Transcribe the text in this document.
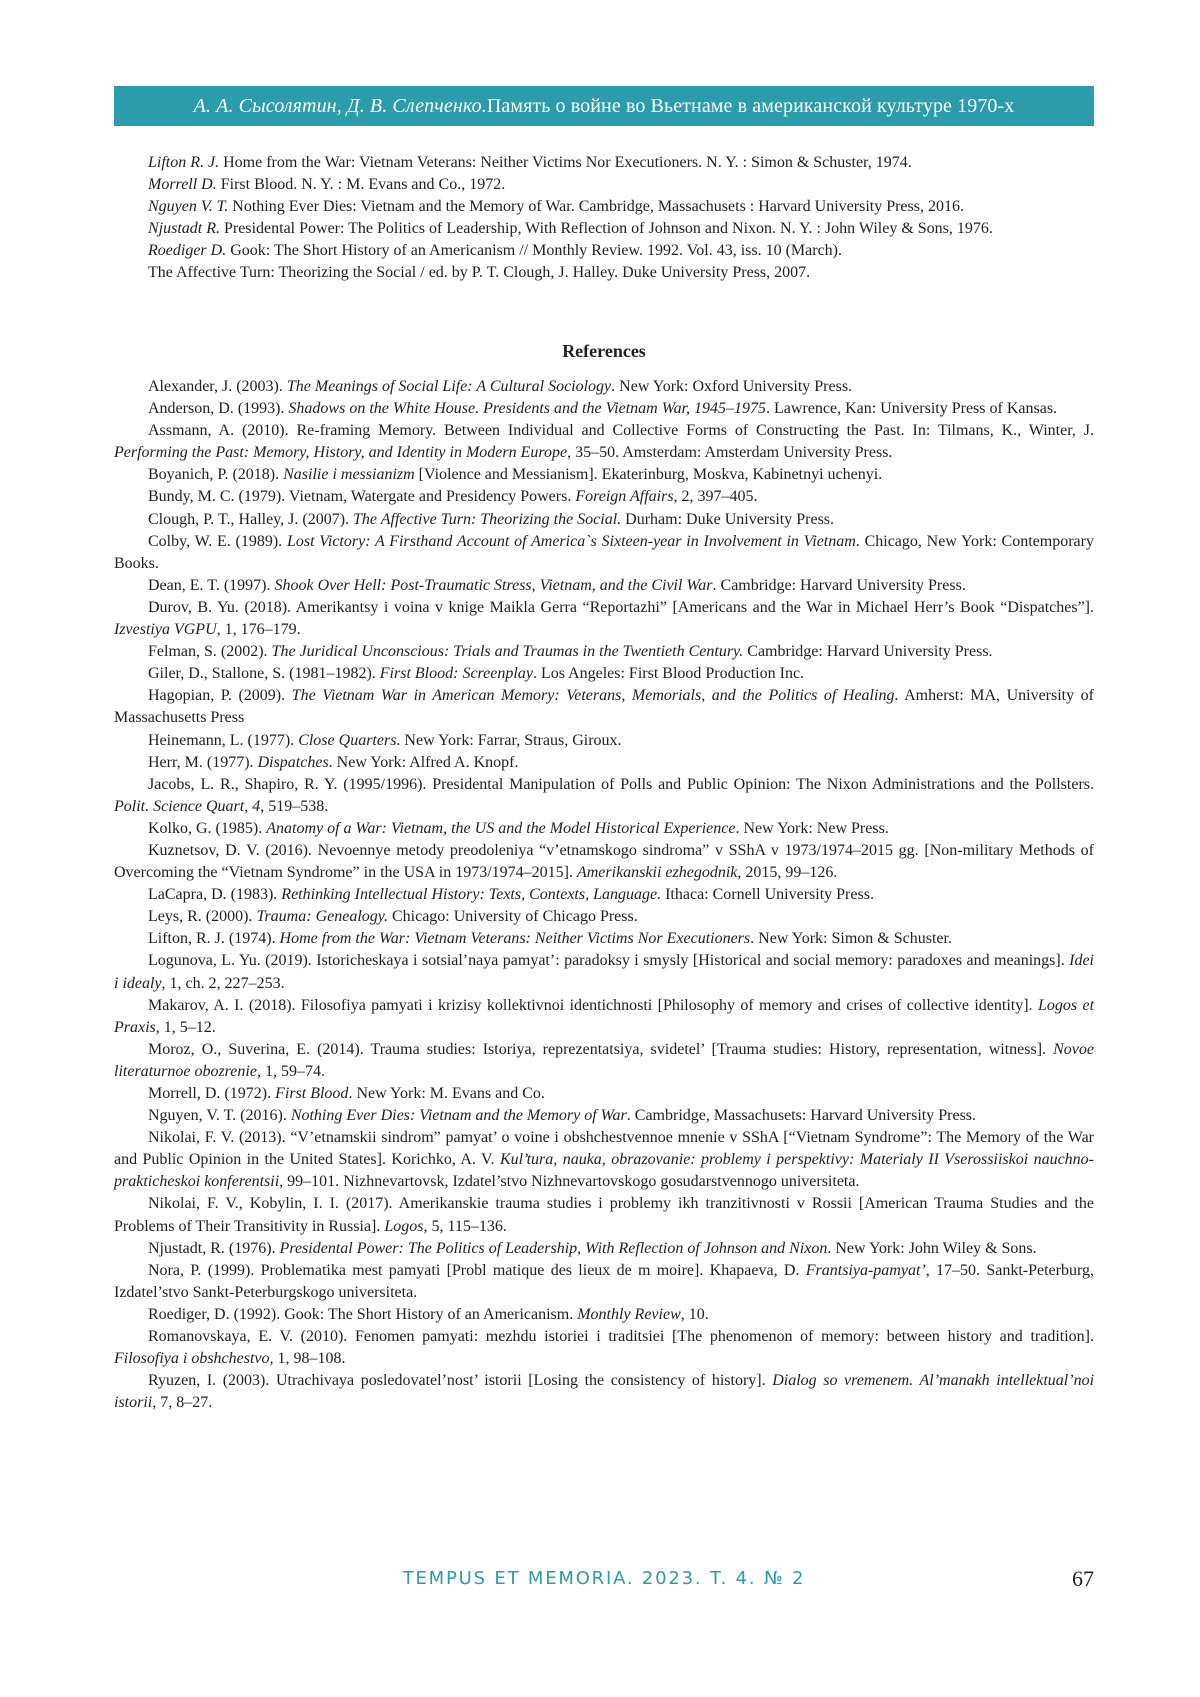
А. А. Сысолятин, Д. В. Слепченко. Память о войне во Вьетнаме в американской культуре 1970-х

Lifton R. J. Home from the War: Vietnam Veterans: Neither Victims Nor Executioners. N. Y. : Simon & Schuster, 1974.

Morrell D. First Blood. N. Y. : M. Evans and Co., 1972.

Nguyen V. T. Nothing Ever Dies: Vietnam and the Memory of War. Cambridge, Massachusets : Harvard University Press, 2016.

Njustadt R. Presidental Power: The Politics of Leadership, With Reflection of Johnson and Nixon. N. Y. : John Wiley & Sons, 1976.

Roediger D. Gook: The Short History of an Americanism // Monthly Review. 1992. Vol. 43, iss. 10 (March).

The Affective Turn: Theorizing the Social / ed. by P. T. Clough, J. Halley. Duke University Press, 2007.

References

Alexander, J. (2003). The Meanings of Social Life: A Cultural Sociology. New York: Oxford University Press.

Anderson, D. (1993). Shadows on the White House. Presidents and the Vietnam War, 1945–1975. Lawrence, Kan: University Press of Kansas.

Assmann, A. (2010). Re-framing Memory. Between Individual and Collective Forms of Constructing the Past. In: Tilmans, K., Winter, J. Performing the Past: Memory, History, and Identity in Modern Europe, 35–50. Amsterdam: Amsterdam University Press.

Boyanich, P. (2018). Nasilie i messianizm [Violence and Messianism]. Ekaterinburg, Moskva, Kabinetnyi uchenyi.

Bundy, M. C. (1979). Vietnam, Watergate and Presidency Powers. Foreign Affairs, 2, 397–405.

Clough, P. T., Halley, J. (2007). The Affective Turn: Theorizing the Social. Durham: Duke University Press.

Colby, W. E. (1989). Lost Victory: A Firsthand Account of America`s Sixteen-year in Involvement in Vietnam. Chicago, New York: Contemporary Books.

Dean, E. T. (1997). Shook Over Hell: Post-Traumatic Stress, Vietnam, and the Civil War. Cambridge: Harvard University Press.

Durov, B. Yu. (2018). Amerikantsy i voina v knige Maikla Gerra “Reportazhi” [Americans and the War in Michael Herr’s Book “Dispatches”]. Izvestiya VGPU, 1, 176–179.

Felman, S. (2002). The Juridical Unconscious: Trials and Traumas in the Twentieth Century. Cambridge: Harvard University Press.

Giler, D., Stallone, S. (1981–1982). First Blood: Screenplay. Los Angeles: First Blood Production Inc.

Hagopian, P. (2009). The Vietnam War in American Memory: Veterans, Memorials, and the Politics of Healing. Amherst: MA, University of Massachusetts Press

Heinemann, L. (1977). Close Quarters. New York: Farrar, Straus, Giroux.

Herr, M. (1977). Dispatches. New York: Alfred A. Knopf.

Jacobs, L. R., Shapiro, R. Y. (1995/1996). Presidental Manipulation of Polls and Public Opinion: The Nixon Administrations and the Pollsters. Polit. Science Quart, 4, 519–538.

Kolko, G. (1985). Anatomy of a War: Vietnam, the US and the Model Historical Experience. New York: New Press.

Kuznetsov, D. V. (2016). Nevoennye metody preodoleniya “v’etnamskogo sindroma” v SShA v 1973/1974–2015 gg. [Non-military Methods of Overcoming the “Vietnam Syndrome” in the USA in 1973/1974–2015]. Amerikanskii ezhegodnik, 2015, 99–126.

LaCapra, D. (1983). Rethinking Intellectual History: Texts, Contexts, Language. Ithaca: Cornell University Press.

Leys, R. (2000). Trauma: Genealogy. Chicago: University of Chicago Press.

Lifton, R. J. (1974). Home from the War: Vietnam Veterans: Neither Victims Nor Executioners. New York: Simon & Schuster.

Logunova, L. Yu. (2019). Istoricheskaya i sotsial’naya pamyat’: paradoksy i smysly [Historical and social memory: paradoxes and meanings]. Idei i idealy, 1, ch. 2, 227–253.

Makarov, A. I. (2018). Filosofiya pamyati i krizisy kollektivnoi identichnosti [Philosophy of memory and crises of collective identity]. Logos et Praxis, 1, 5–12.

Moroz, O., Suverina, E. (2014). Trauma studies: Istoriya, reprezentatsiya, svidetel’ [Trauma studies: History, representation, witness]. Novoe literaturnoe obozrenie, 1, 59–74.

Morrell, D. (1972). First Blood. New York: M. Evans and Co.

Nguyen, V. T. (2016). Nothing Ever Dies: Vietnam and the Memory of War. Cambridge, Massachusets: Harvard University Press.

Nikolai, F. V. (2013). “V’etnamskii sindrom” pamyat’ o voine i obshchestvennoe mnenie v SShA [“Vietnam Syndrome”: The Memory of the War and Public Opinion in the United States]. Korichko, A. V. Kul’tura, nauka, obrazovanie: problemy i perspektivy: Materialy II Vserossiiskoi nauchno-prakticheskoi konferentsii, 99–101. Nizhnevartovsk, Izdatel’stvo Nizhnevartovskogo gosudarstvennogo universiteta.

Nikolai, F. V., Kobylin, I. I. (2017). Amerikanskie trauma studies i problemy ikh tranzitivnosti v Rossii [American Trauma Studies and the Problems of Their Transitivity in Russia]. Logos, 5, 115–136.

Njustadt, R. (1976). Presidental Power: The Politics of Leadership, With Reflection of Johnson and Nixon. New York: John Wiley & Sons.

Nora, P. (1999). Problematika mest pamyati [Probl matique des lieux de m moire]. Khapaeva, D. Frantsiya-pamyat’, 17–50. Sankt-Peterburg, Izdatel’stvo Sankt-Peterburgskogo universiteta.

Roediger, D. (1992). Gook: The Short History of an Americanism. Monthly Review, 10.

Romanovskaya, E. V. (2010). Fenomen pamyati: mezhdu istoriei i traditsiei [The phenomenon of memory: between history and tradition]. Filosofiya i obshchestvo, 1, 98–108.

Ryuzen, I. (2003). Utrachivaya posledovatel’nost’ istorii [Losing the consistency of history]. Dialog so vremenem. Al’manakh intellektual’noi istorii, 7, 8–27.

TEMPUS ET MEMORIA. 2023. T. 4. № 2	67
